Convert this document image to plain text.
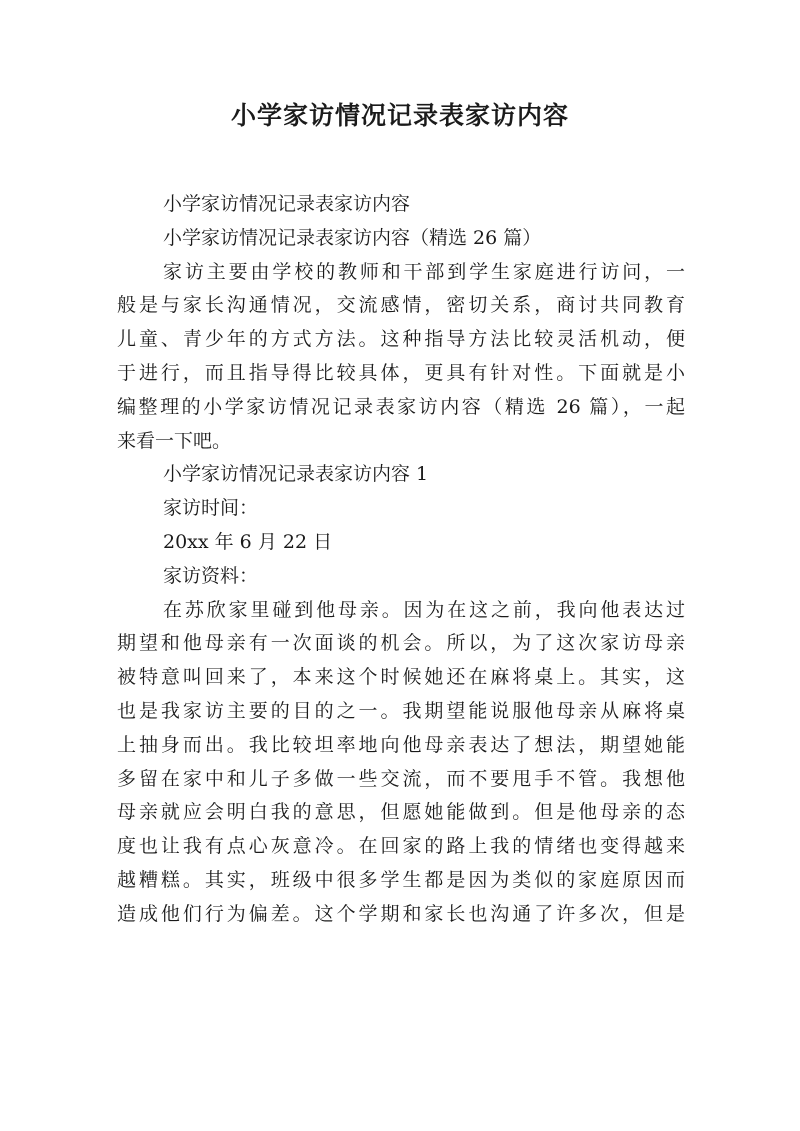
小学家访情况记录表家访内容

小学家访情况记录表家访内容

小学家访情况记录表家访内容（精选 26 篇）

家访主要由学校的教师和干部到学生家庭进行访问，一

般是与家长沟通情况，交流感情，密切关系，商讨共同教育

儿童、青少年的方式方法。这种指导方法比较灵活机动，便

于进行，而且指导得比较具体，更具有针对性。下面就是小

编整理的小学家访情况记录表家访内容（精选 26 篇），一起

来看一下吧。

小学家访情况记录表家访内容 1

家访时间：

20xx 年 6 月 22 日

家访资料：

在苏欣家里碰到他母亲。因为在这之前，我向他表达过

期望和他母亲有一次面谈的机会。所以，为了这次家访母亲

被特意叫回来了，本来这个时候她还在麻将桌上。其实，这

也是我家访主要的目的之一。我期望能说服他母亲从麻将桌

上抽身而出。我比较坦率地向他母亲表达了想法，期望她能

多留在家中和儿子多做一些交流，而不要甩手不管。我想他

母亲就应会明白我的意思，但愿她能做到。但是他母亲的态

度也让我有点心灰意冷。在回家的路上我的情绪也变得越来

越糟糕。其实，班级中很多学生都是因为类似的家庭原因而

造成他们行为偏差。这个学期和家长也沟通了许多次，但是
